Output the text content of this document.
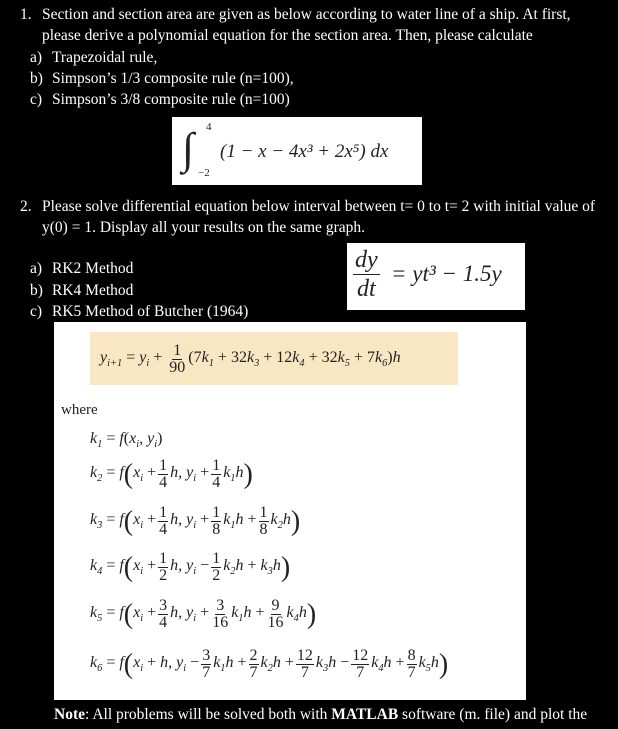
1. Section and section area are given as below according to water line of a ship. At first,
please derive a polynomial equation for the section area. Then, please calculate
a) Trapezoidal rule,
b) Simpson’s 1/3 composite rule (n=100),
c) Simpson’s 3/8 composite rule (n=100)
∫ 4
−2
(1 − x − 4x³ + 2x⁵) dx
2. Please solve differential equation below interval between t= 0 to t= 2 with initial value of
y(0) = 1. Display all your results on the same graph.
a) RK2 Method
b) RK4 Method
c) RK5 Method of Butcher (1964)
dy
dt
= yt³ − 1.5y
$y_{i+1} = y_i + \frac{1}{90} (7k_1 + 32k_3 + 12k_4 + 32k_5 + 7k_6)h$
where
$k_1 = f(x_i$, $y_i$)
$k_2 = f$ ( $x_i + \frac{1}{4} h$, $y_i + \frac{1}{4} k_1h$ )
$k_3 = f$ ( $x_i + \frac{1}{4} h$, $y_i + \frac{1}{8} k_1h + \frac{1}{8} k_2h$ )
$k_4 = f$ ( $x_i + \frac{1}{2} h$, $y_i - \frac{1}{2} k_2h + k_3h$ )
$k_5 = f$ ( $x_i + \frac{3}{4} h$, $y_i + \frac{3}{16} k_1h + \frac{9}{16} k_4h$ )
$k_6 = f$ ( $x_i + h$, $y_i - \frac{3}{7} k_1h + \frac{2}{7} k_2h + \frac{12}{7} k_3h - \frac{12}{7} k_4h + \frac{8}{7} k_5h$ )
Note: All problems will be solved both with MATLAB software (m. file) and plot the
